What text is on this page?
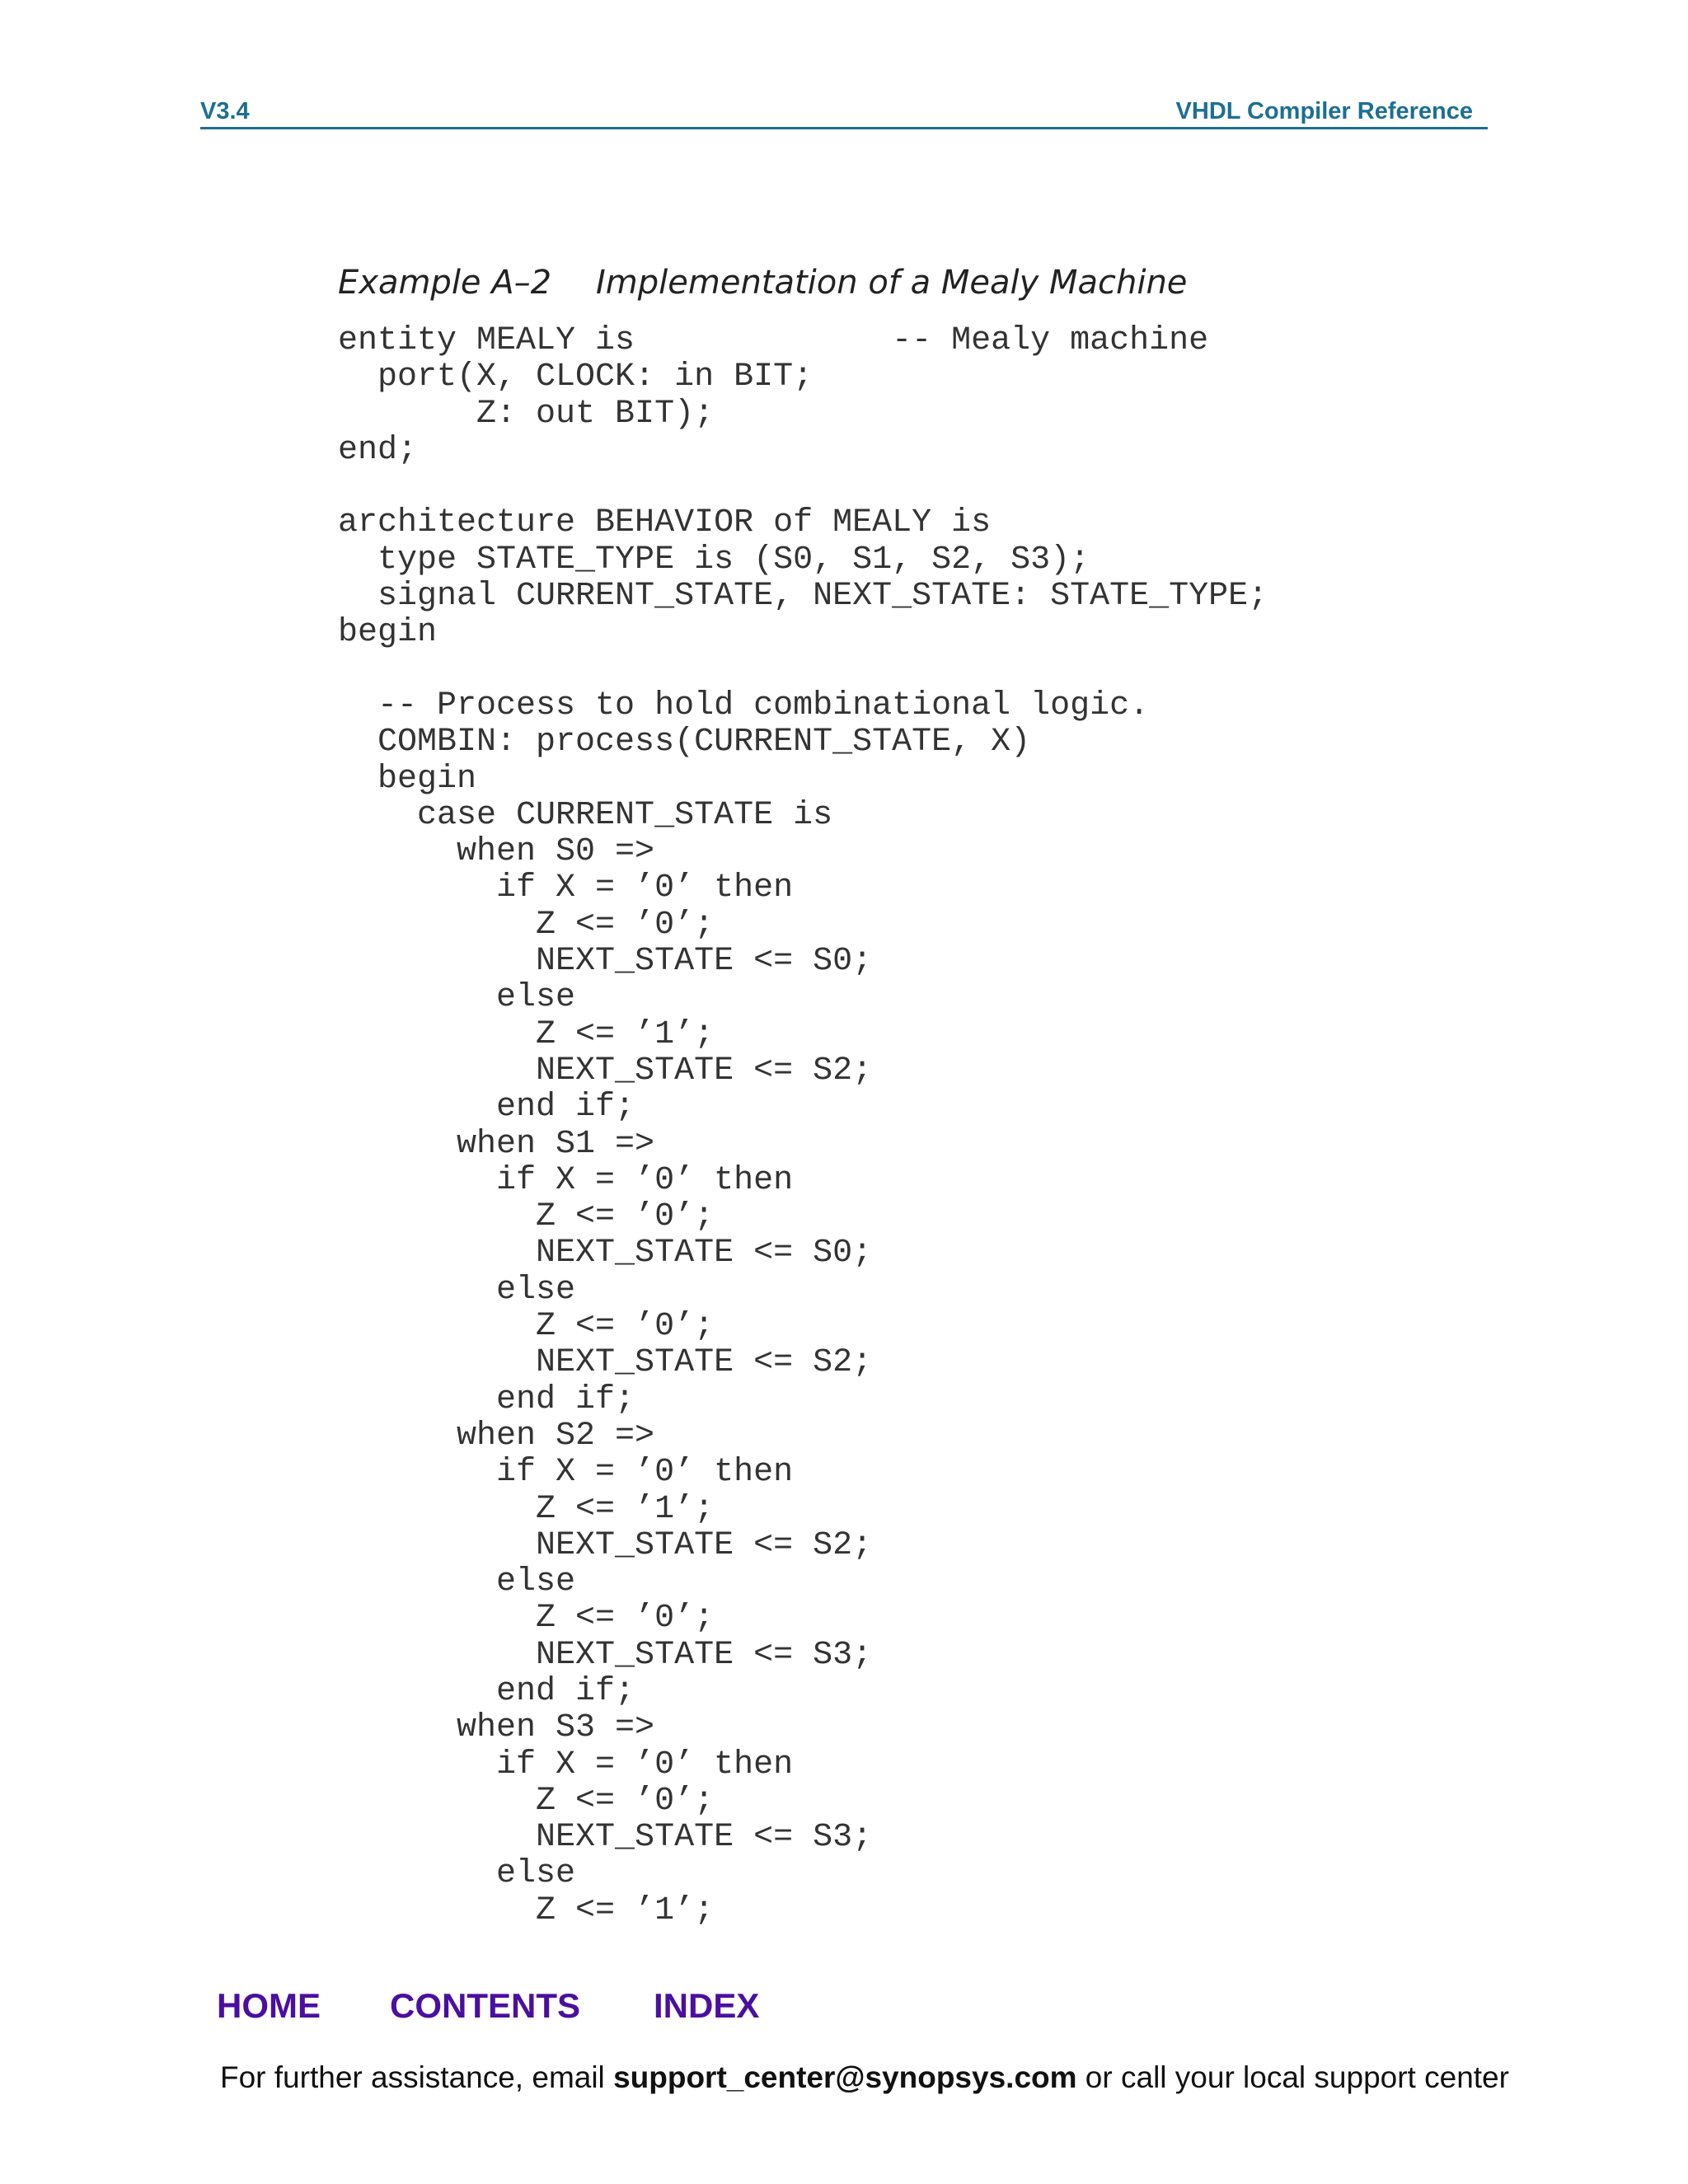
V3.4	VHDL Compiler Reference
Example A–2 Implementation of a Mealy Machine
entity MEALY is             -- Mealy machine
port(X, CLOCK: in BIT;
Z: out BIT);
end;
architecture BEHAVIOR of MEALY is
type STATE_TYPE is (S0, S1, S2, S3);
signal CURRENT_STATE, NEXT_STATE: STATE_TYPE;
begin
-- Process to hold combinational logic.
COMBIN: process(CURRENT_STATE, X)
begin
case CURRENT_STATE is
when S0 =>
if X = ’0’ then
Z <= ’0’;
NEXT_STATE <= S0;
else
Z <= ’1’;
NEXT_STATE <= S2;
end if;
when S1 =>
if X = ’0’ then
Z <= ’0’;
NEXT_STATE <= S0;
else
Z <= ’0’;
NEXT_STATE <= S2;
end if;
when S2 =>
if X = ’0’ then
Z <= ’1’;
NEXT_STATE <= S2;
else
Z <= ’0’;
NEXT_STATE <= S3;
end if;
when S3 =>
if X = ’0’ then
Z <= ’0’;
NEXT_STATE <= S3;
else
Z <= ’1’;
HOME CONTENTS INDEX
For further assistance, email support_center@synopsys.com or call your local support center
